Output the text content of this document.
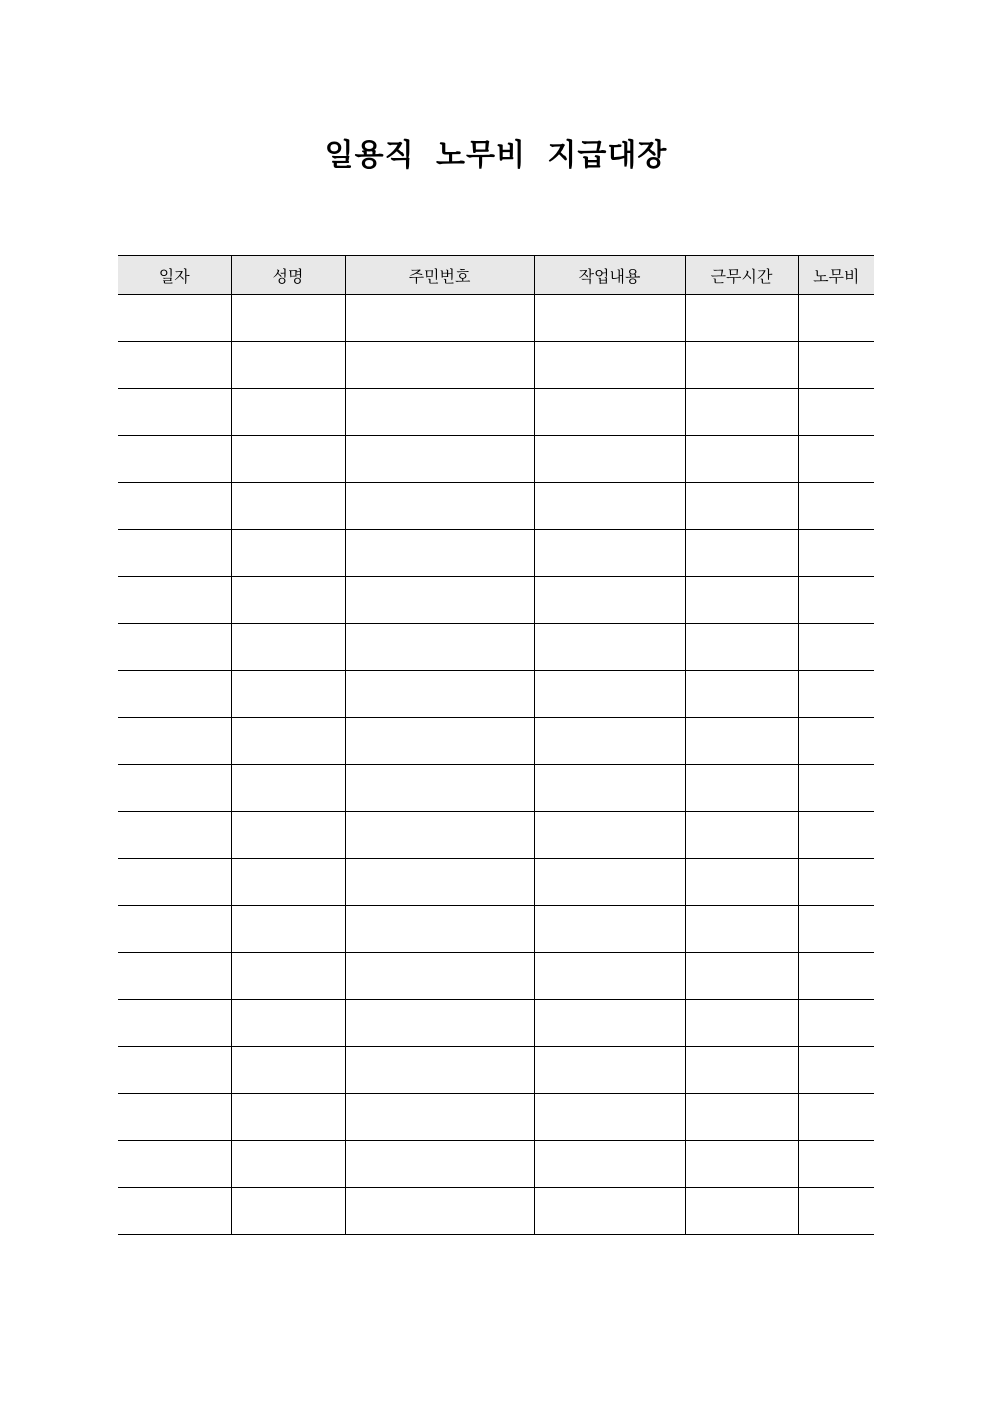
일용직 노무비 지급대장
일자	성명	주민번호	작업내용	근무시간	노무비
